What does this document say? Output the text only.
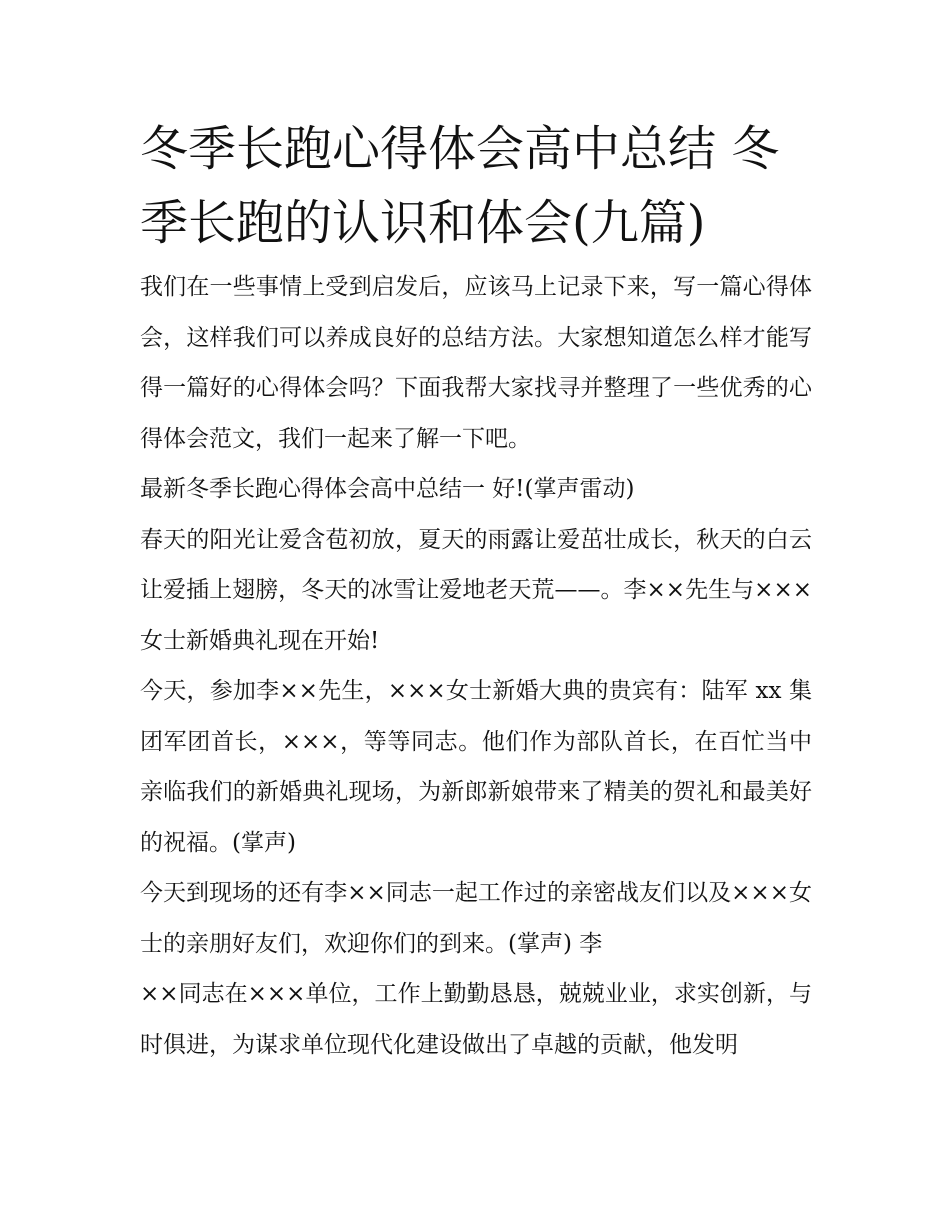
冬季长跑心得体会高中总结 冬季长跑的认识和体会(九篇)

我们在一些事情上受到启发后，应该马上记录下来，写一篇心得体会，这样我们可以养成良好的总结方法。大家想知道怎么样才能写得一篇好的心得体会吗？下面我帮大家找寻并整理了一些优秀的心得体会范文，我们一起来了解一下吧。

最新冬季长跑心得体会高中总结一 好!(掌声雷动)

春天的阳光让爱含苞初放，夏天的雨露让爱茁壮成长，秋天的白云让爱插上翅膀，冬天的冰雪让爱地老天荒——。李××先生与×××女士新婚典礼现在开始!

今天，参加李××先生，×××女士新婚大典的贵宾有：陆军 xx 集团军团首长，×××，等等同志。他们作为部队首长，在百忙当中亲临我们的新婚典礼现场，为新郎新娘带来了精美的贺礼和最美好的祝福。(掌声)

今天到现场的还有李××同志一起工作过的亲密战友们以及×××女士的亲朋好友们，欢迎你们的到来。(掌声) 李

××同志在×××单位，工作上勤勤恳恳，兢兢业业，求实创新，与时俱进，为谋求单位现代化建设做出了卓越的贡献，他发明
